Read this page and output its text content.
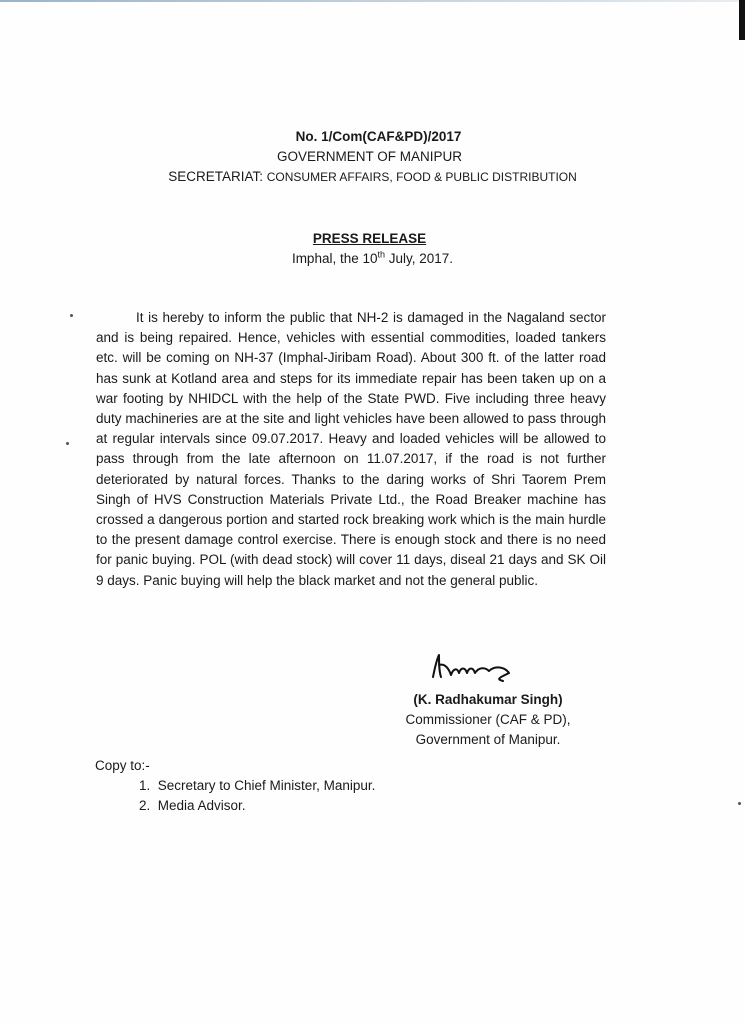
No. 1/Com(CAF&PD)/2017
GOVERNMENT OF MANIPUR
SECRETARIAT: CONSUMER AFFAIRS, FOOD & PUBLIC DISTRIBUTION
PRESS RELEASE
Imphal, the 10th July, 2017.

It is hereby to inform the public that NH-2 is damaged in the Nagaland sector and is being repaired. Hence, vehicles with essential commodities, loaded tankers etc. will be coming on NH-37 (Imphal-Jiribam Road). About 300 ft. of the latter road has sunk at Kotland area and steps for its immediate repair has been taken up on a war footing by NHIDCL with the help of the State PWD. Five including three heavy duty machineries are at the site and light vehicles have been allowed to pass through at regular intervals since 09.07.2017. Heavy and loaded vehicles will be allowed to pass through from the late afternoon on 11.07.2017, if the road is not further deteriorated by natural forces. Thanks to the daring works of Shri Taorem Prem Singh of HVS Construction Materials Private Ltd., the Road Breaker machine has crossed a dangerous portion and started rock breaking work which is the main hurdle to the present damage control exercise. There is enough stock and there is no need for panic buying. POL (with dead stock) will cover 11 days, diseal 21 days and SK Oil 9 days. Panic buying will help the black market and not the general public.

(K. Radhakumar Singh)
Commissioner (CAF & PD),
Government of Manipur.
Copy to:-
1.  Secretary to Chief Minister, Manipur.
2.  Media Advisor.
